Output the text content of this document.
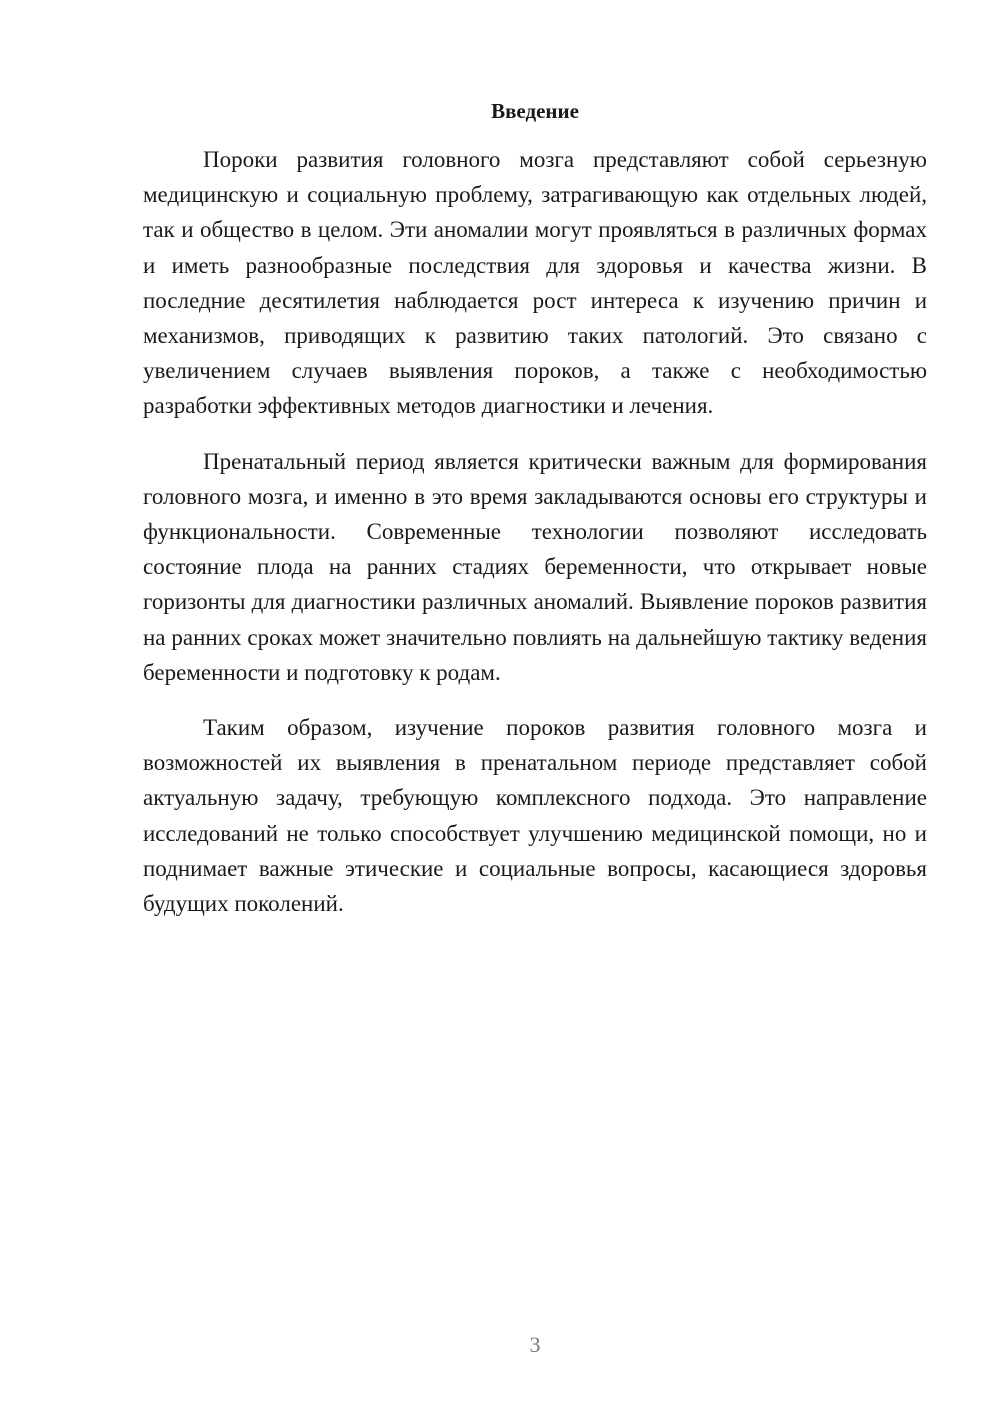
Введение

Пороки развития головного мозга представляют собой серьезную медицинскую и социальную проблему, затрагивающую как отдельных людей, так и общество в целом. Эти аномалии могут проявляться в различных формах и иметь разнообразные последствия для здоровья и качества жизни. В последние десятилетия наблюдается рост интереса к изучению причин и механизмов, приводящих к развитию таких патологий. Это связано с увеличением случаев выявления пороков, а также с необходимостью разработки эффективных методов диагностики и лечения.

Пренатальный период является критически важным для формирования головного мозга, и именно в это время закладываются основы его структуры и функциональности. Современные технологии позволяют исследовать состояние плода на ранних стадиях беременности, что открывает новые горизонты для диагностики различных аномалий. Выявление пороков развития на ранних сроках может значительно повлиять на дальнейшую тактику ведения беременности и подготовку к родам.

Таким образом, изучение пороков развития головного мозга и возможностей их выявления в пренатальном периоде представляет собой актуальную задачу, требующую комплексного подхода. Это направление исследований не только способствует улучшению медицинской помощи, но и поднимает важные этические и социальные вопросы, касающиеся здоровья будущих поколений.

3
